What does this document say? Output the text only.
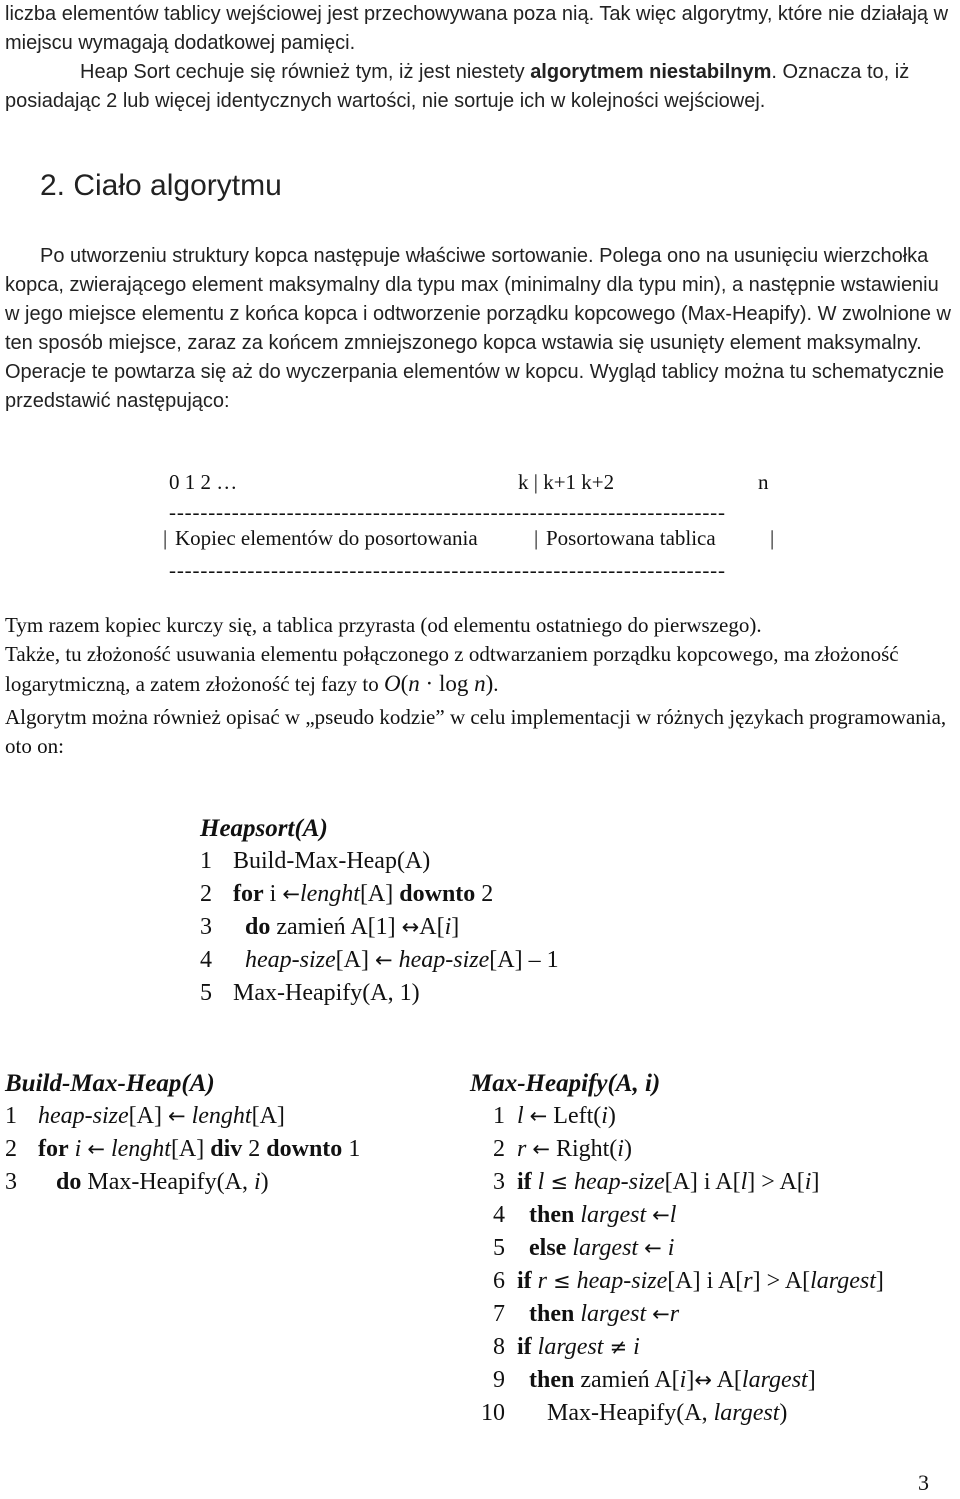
liczba elementów tablicy wejściowej jest przechowywana poza nią. Tak więc algorytmy, które nie działają w miejscu wymagają dodatkowej pamięci.

Heap Sort cechuje się również tym, iż jest niestety algorytmem niestabilnym. Oznacza to, iż posiadając 2 lub więcej identycznych wartości, nie sortuje ich w kolejności wejściowej.

2. Ciało algorytmu

Po utworzeniu struktury kopca następuje właściwe sortowanie. Polega ono na usunięciu wierzchołka kopca, zwierającego element maksymalny dla typu max (minimalny dla typu min), a następnie wstawieniu w jego miejsce elementu z końca kopca i odtworzenie porządku kopcowego (Max-Heapify). W zwolnione w ten sposób miejsce, zaraz za końcem zmniejszonego kopca wstawia się usunięty element maksymalny. Operacje te powtarza się aż do wyczerpania elementów w kopcu. Wygląd tablicy można tu schematycznie przedstawić następująco:

0 1 2 …	k | k+1 k+2	n
-----------------------------------------------------------------------
| Kopiec elementów do posortowania	| Posortowana tablica	|
-----------------------------------------------------------------------

Tym razem kopiec kurczy się, a tablica przyrasta (od elementu ostatniego do pierwszego).

Także, tu złożoność usuwania elementu połączonego z odtwarzaniem porządku kopcowego, ma złożoność logarytmiczną, a zatem złożoność tej fazy to O(n · log n).

Algorytm można również opisać w „pseudo kodzie” w celu implementacji w różnych językach programowania, oto on:

Heapsort(A)
1 Build-Max-Heap(A)
2 for i ←lenght[A] downto 2
3 do zamień A[1] ↔A[i]
4 heap-size[A] ← heap-size[A] – 1
5 Max-Heapify(A, 1)
Build-Max-Heap(A)
1 heap-size[A] ← lenght[A]
2 for i ← lenght[A] div 2 downto 1
3 do Max-Heapify(A, i)
Max-Heapify(A, i)
1 l ← Left(i)
2 r ← Right(i)
3 if l ≤ heap-size[A] i A[l] > A[i]
4 then largest ←l
5 else largest ← i
6 if r ≤ heap-size[A] i A[r] > A[largest]
7 then largest ←r
8 if largest ≠ i
9 then zamień A[i]↔ A[largest]
10 Max-Heapify(A, largest)
3
